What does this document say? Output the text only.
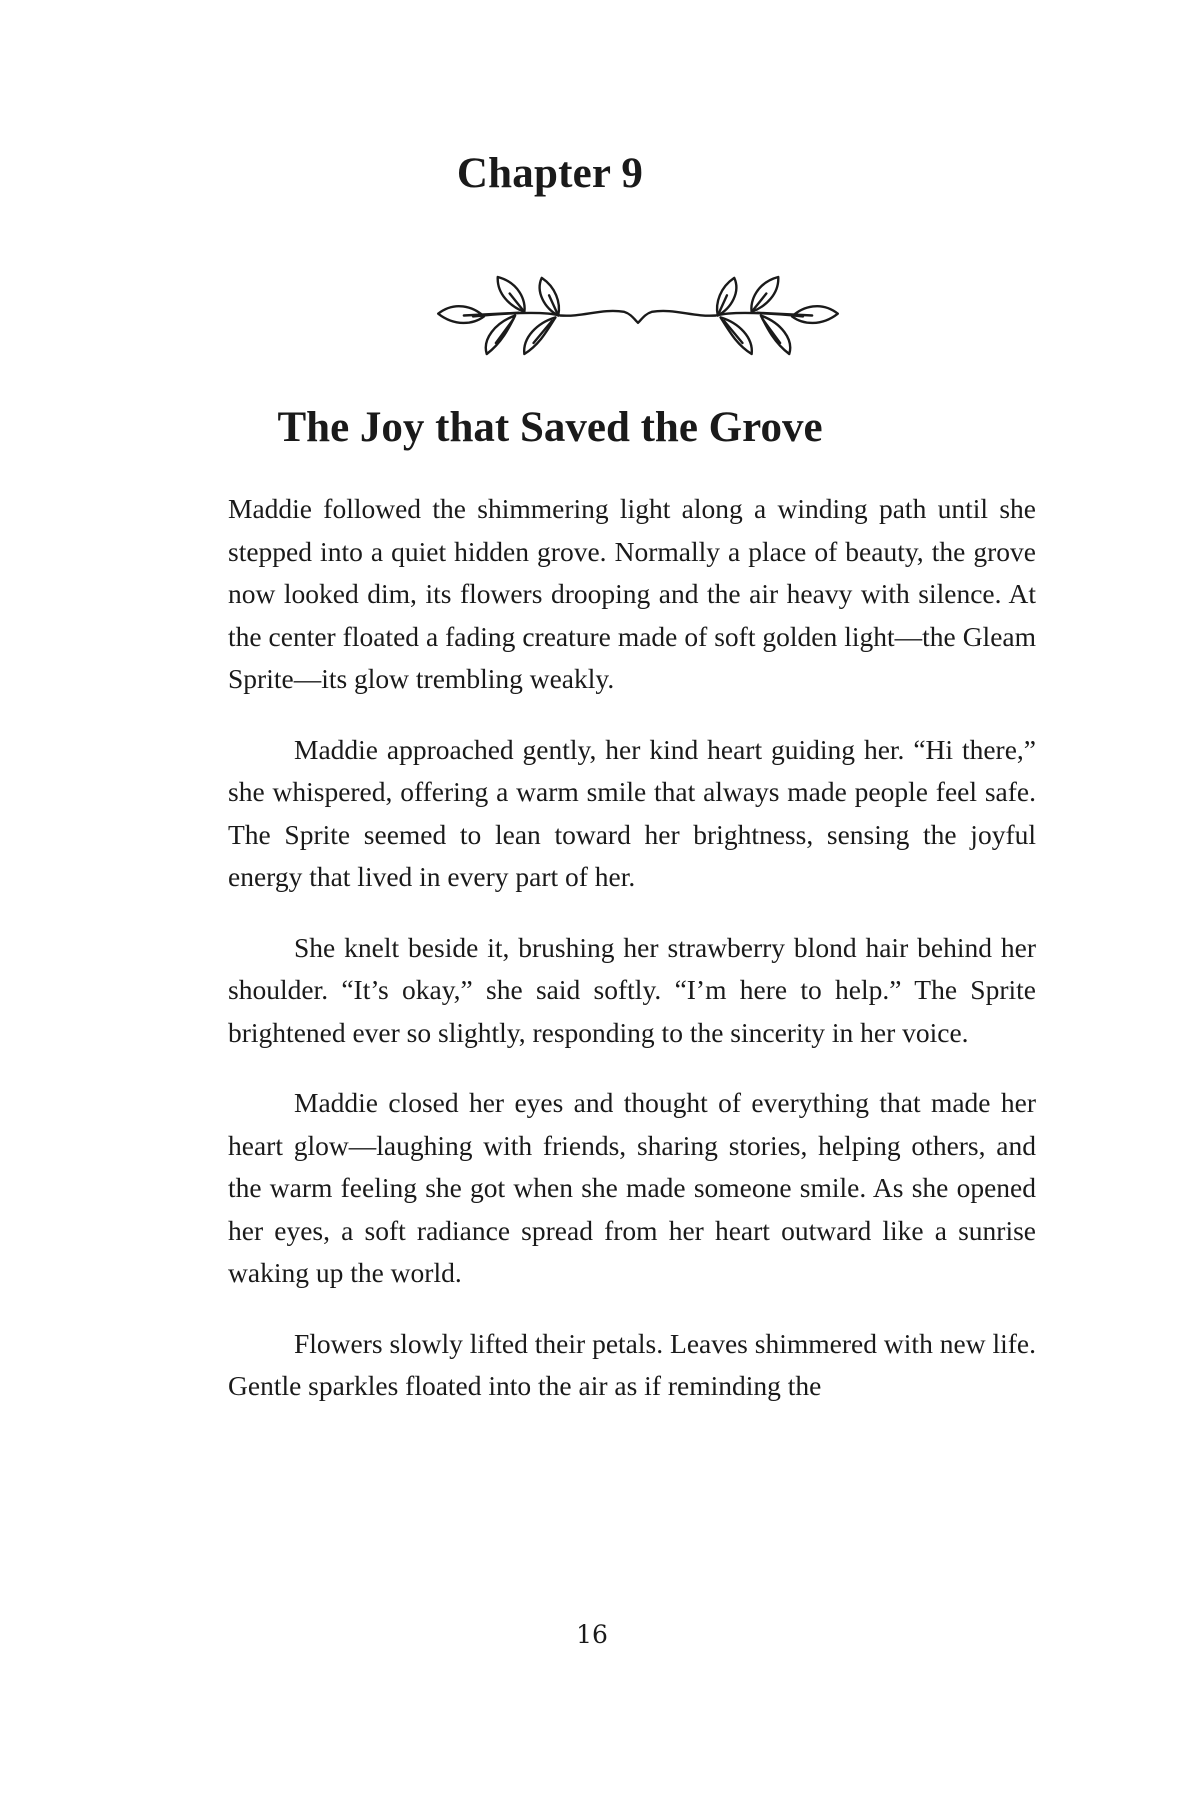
Chapter 9
The Joy that Saved the Grove

Maddie followed the shimmering light along a winding path until she stepped into a quiet hidden grove. Normally a place of beauty, the grove now looked dim, its flowers drooping and the air heavy with silence. At the center floated a fading creature made of soft golden light—the Gleam Sprite—its glow trembling weakly.

Maddie approached gently, her kind heart guiding her. “Hi there,” she whispered, offering a warm smile that always made people feel safe. The Sprite seemed to lean toward her brightness, sensing the joyful energy that lived in every part of her.

She knelt beside it, brushing her strawberry blond hair behind her shoulder. “It’s okay,” she said softly. “I’m here to help.” The Sprite brightened ever so slightly, responding to the sincerity in her voice.

Maddie closed her eyes and thought of everything that made her heart glow—laughing with friends, sharing stories, helping others, and the warm feeling she got when she made someone smile. As she opened her eyes, a soft radiance spread from her heart outward like a sunrise waking up the world.

Flowers slowly lifted their petals. Leaves shimmered with new life. Gentle sparkles floated into the air as if reminding the

16
